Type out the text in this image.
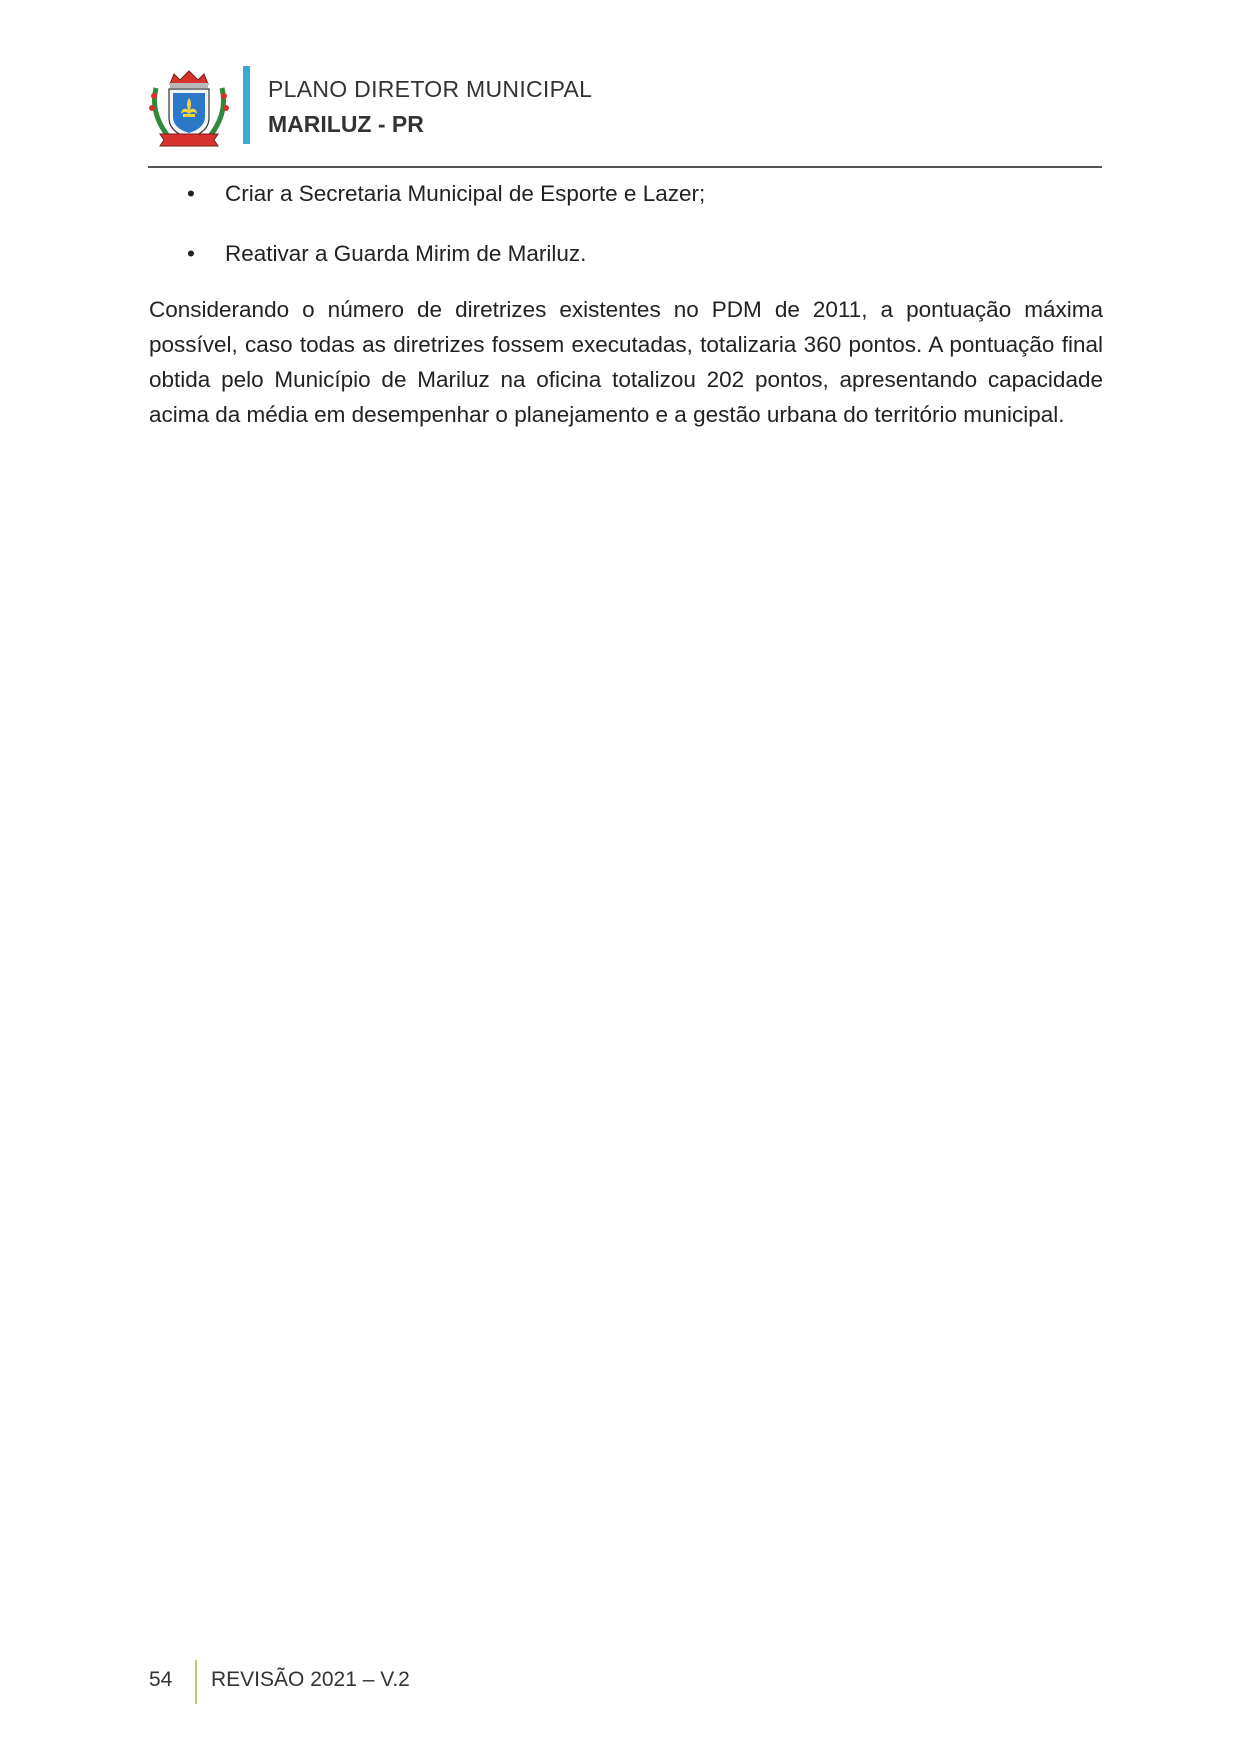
PLANO DIRETOR MUNICIPAL
MARILUZ - PR
• Criar a Secretaria Municipal de Esporte e Lazer;
• Reativar a Guarda Mirim de Mariluz.

Considerando o número de diretrizes existentes no PDM de 2011, a pontuação máxima possível, caso todas as diretrizes fossem executadas, totalizaria 360 pontos. A pontuação final obtida pelo Município de Mariluz na oficina totalizou 202 pontos, apresentando capacidade acima da média em desempenhar o planejamento e a gestão urbana do território municipal.

54 REVISÃO 2021 – V.2
